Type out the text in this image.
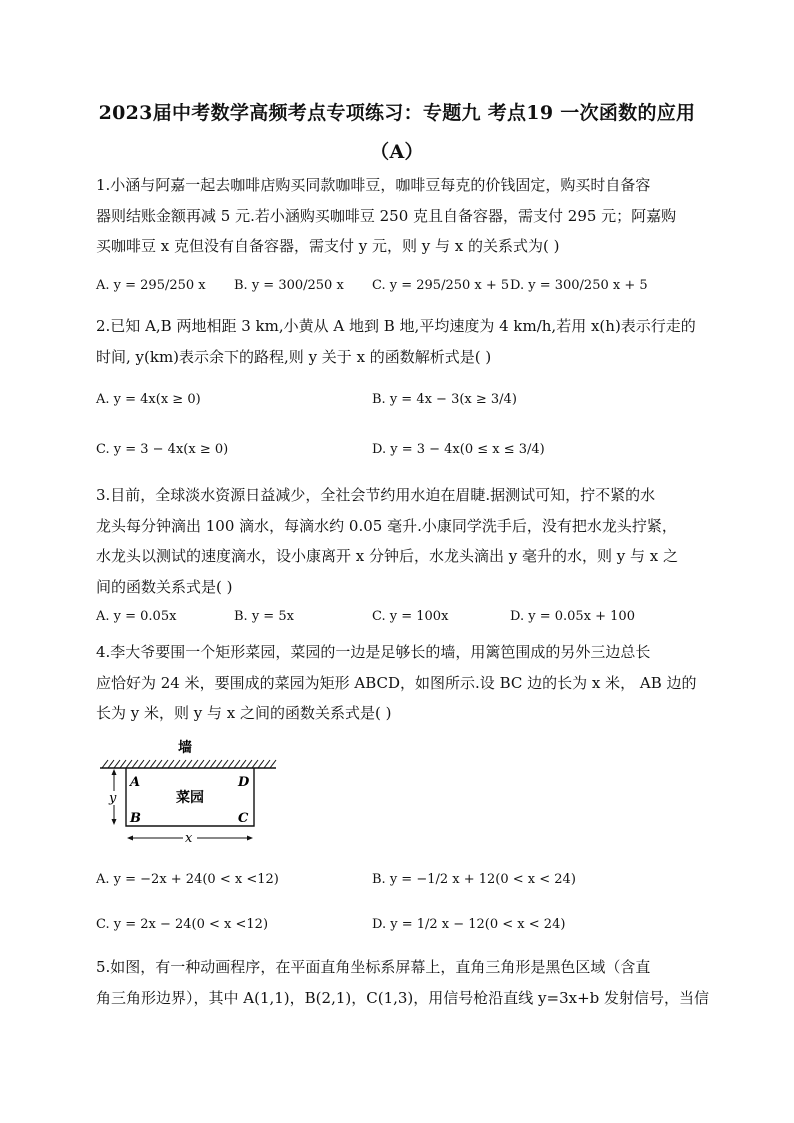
2023届中考数学高频考点专项练习：专题九 考点19 一次函数的应用
（A）
1.小涵与阿嘉一起去咖啡店购买同款咖啡豆，咖啡豆每克的价钱固定，购买时自备容
器则结账金额再减 5 元.若小涵购买咖啡豆 250 克且自备容器，需支付 295 元；阿嘉购
买咖啡豆 x 克但没有自备容器，需支付 y 元，则 y 与 x 的关系式为( )
A. y = 295/250 x B. y = 300/250 x C. y = 295/250 x + 5 D. y = 300/250 x + 5
2.已知 A,B 两地相距 3 km,小黄从 A 地到 B 地,平均速度为 4 km/h,若用 x(h)表示行走的
时间, y(km)表示余下的路程,则 y 关于 x 的函数解析式是( )
A. y = 4x(x ≥ 0)	B. y = 4x − 3(x ≥ 3/4)
C. y = 3 − 4x(x ≥ 0)	D. y = 3 − 4x(0 ≤ x ≤ 3/4)
3.目前，全球淡水资源日益减少，全社会节约用水迫在眉睫.据测试可知，拧不紧的水
龙头每分钟滴出 100 滴水，每滴水约 0.05 毫升.小康同学洗手后，没有把水龙头拧紧，
水龙头以测试的速度滴水，设小康离开 x 分钟后，水龙头滴出 y 毫升的水，则 y 与 x 之
间的函数关系式是( )
A. y = 0.05x	B. y = 5x	C. y = 100x	D. y = 0.05x + 100
4.李大爷要围一个矩形菜园，菜园的一边是足够长的墙，用篱笆围成的另外三边总长
应恰好为 24 米，要围成的菜园为矩形 ABCD，如图所示.设 BC 边的长为 x 米， AB 边的
长为 y 米，则 y 与 x 之间的函数关系式是( )
墙
A
B	C
D
菜园
y
x
A. y = −2x + 24(0 < x <12)	B. y = −1/2 x + 12(0 < x < 24)
C. y = 2x − 24(0 < x <12)	D. y = 1/2 x − 12(0 < x < 24)
5.如图，有一种动画程序，在平面直角坐标系屏幕上，直角三角形是黑色区域（含直
角三角形边界），其中 A(1,1)，B(2,1)，C(1,3)，用信号枪沿直线 y=3x+b 发射信号，当信
